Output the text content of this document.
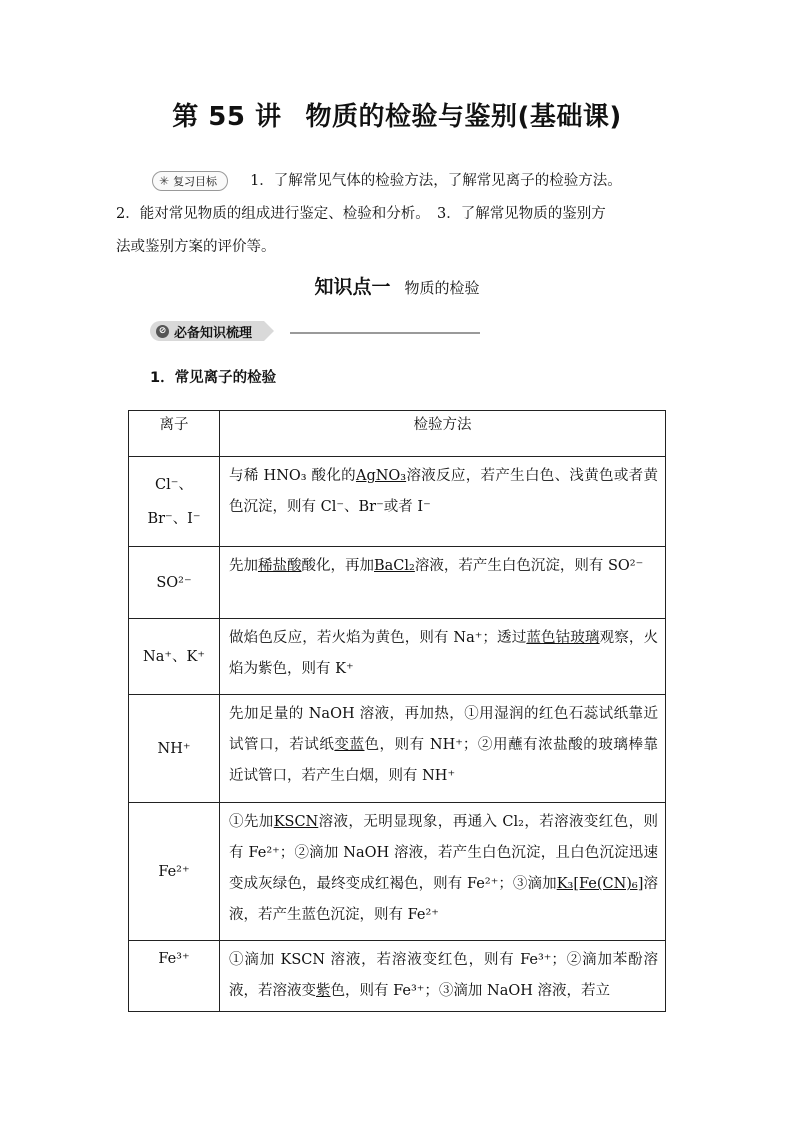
第 55 讲 物质的检验与鉴别(基础课)

✳ 复习目标 1．了解常见气体的检验方法，了解常见离子的检验方法。

2．能对常见物质的组成进行鉴定、检验和分析。　3．了解常见物质的鉴别方

法或鉴别方案的评价等。

知识点一 物质的检验
⊘ 必备知识梳理
1．常见离子的检验
离子	检验方法
Cl⁻、
Br⁻、I⁻	与稀 HNO₃ 酸化的AgNO₃溶液反应，若产生白色、浅黄色或者黄色沉淀，则有 Cl⁻、Br⁻或者 I⁻
SO²⁻	先加稀盐酸酸化，再加BaCl₂溶液，若产生白色沉淀，则有 SO²⁻
Na⁺、K⁺	做焰色反应，若火焰为黄色，则有 Na⁺；透过蓝色钴玻璃观察，火焰为紫色，则有 K⁺
NH⁺	先加足量的 NaOH 溶液，再加热，①用湿润的红色石蕊试纸靠近试管口，若试纸变蓝色，则有 NH⁺；②用蘸有浓盐酸的玻璃棒靠近试管口，若产生白烟，则有 NH⁺
Fe²⁺	①先加KSCN溶液，无明显现象，再通入 Cl₂，若溶液变红色，则有 Fe²⁺；②滴加 NaOH 溶液，若产生白色沉淀，且白色沉淀迅速变成灰绿色，最终变成红褐色，则有 Fe²⁺；③滴加K₃[Fe(CN)₆]溶液，若产生蓝色沉淀，则有 Fe²⁺
Fe³⁺	①滴加 KSCN 溶液，若溶液变红色，则有 Fe³⁺；②滴加苯酚溶液，若溶液变紫色，则有 Fe³⁺；③滴加 NaOH 溶液，若立
